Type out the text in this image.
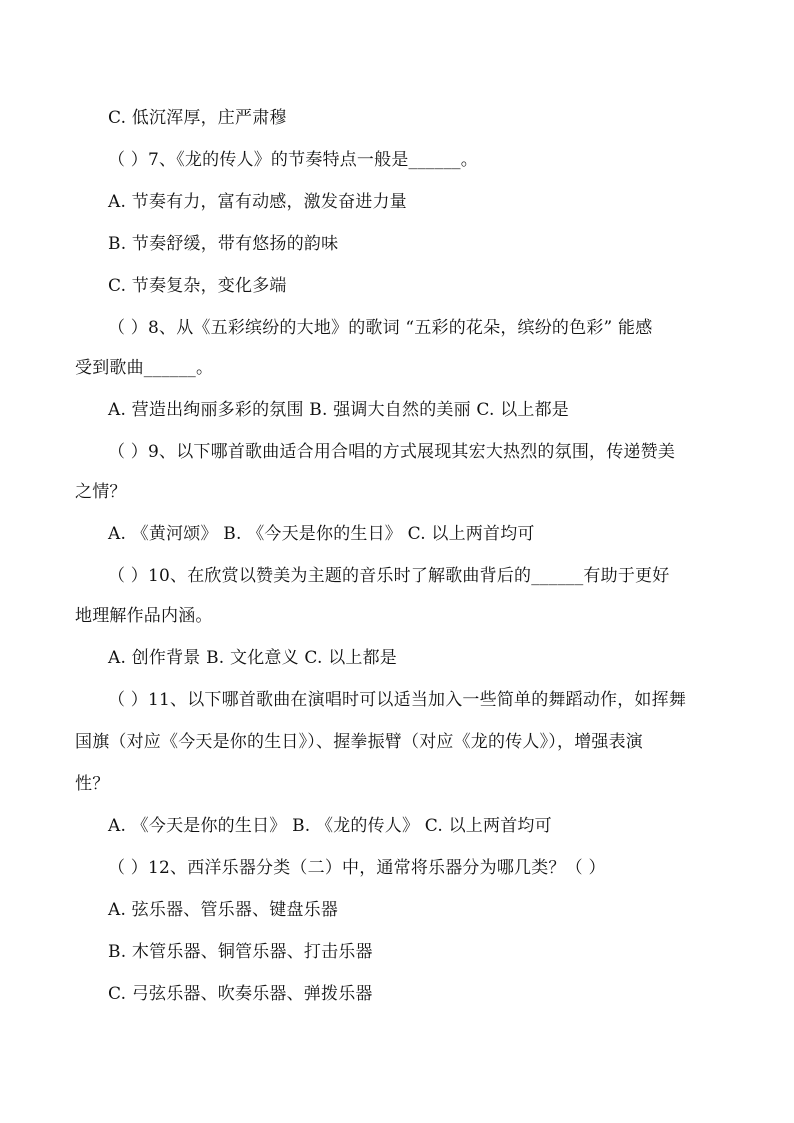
C. 低沉浑厚，庄严肃穆
（ ）7、《龙的传人》的节奏特点一般是______。
A. 节奏有力，富有动感，激发奋进力量
B. 节奏舒缓，带有悠扬的韵味
C. 节奏复杂，变化多端
（ ）8、从《五彩缤纷的大地》的歌词 “五彩的花朵，缤纷的色彩” 能感
受到歌曲______。
A. 营造出绚丽多彩的氛围 B. 强调大自然的美丽 C. 以上都是
（ ）9、以下哪首歌曲适合用合唱的方式展现其宏大热烈的氛围，传递赞美
之情？
A. 《黄河颂》 B. 《今天是你的生日》 C. 以上两首均可
（ ）10、在欣赏以赞美为主题的音乐时了解歌曲背后的______有助于更好
地理解作品内涵。
A. 创作背景 B. 文化意义 C. 以上都是
（ ）11、以下哪首歌曲在演唱时可以适当加入一些简单的舞蹈动作，如挥舞
国旗（对应《今天是你的生日》）、握拳振臂（对应《龙的传人》），增强表演
性？
A. 《今天是你的生日》 B. 《龙的传人》 C. 以上两首均可
（ ）12、西洋乐器分类（二）中，通常将乐器分为哪几类？（ ）
A. 弦乐器、管乐器、键盘乐器
B. 木管乐器、铜管乐器、打击乐器
C. 弓弦乐器、吹奏乐器、弹拨乐器
